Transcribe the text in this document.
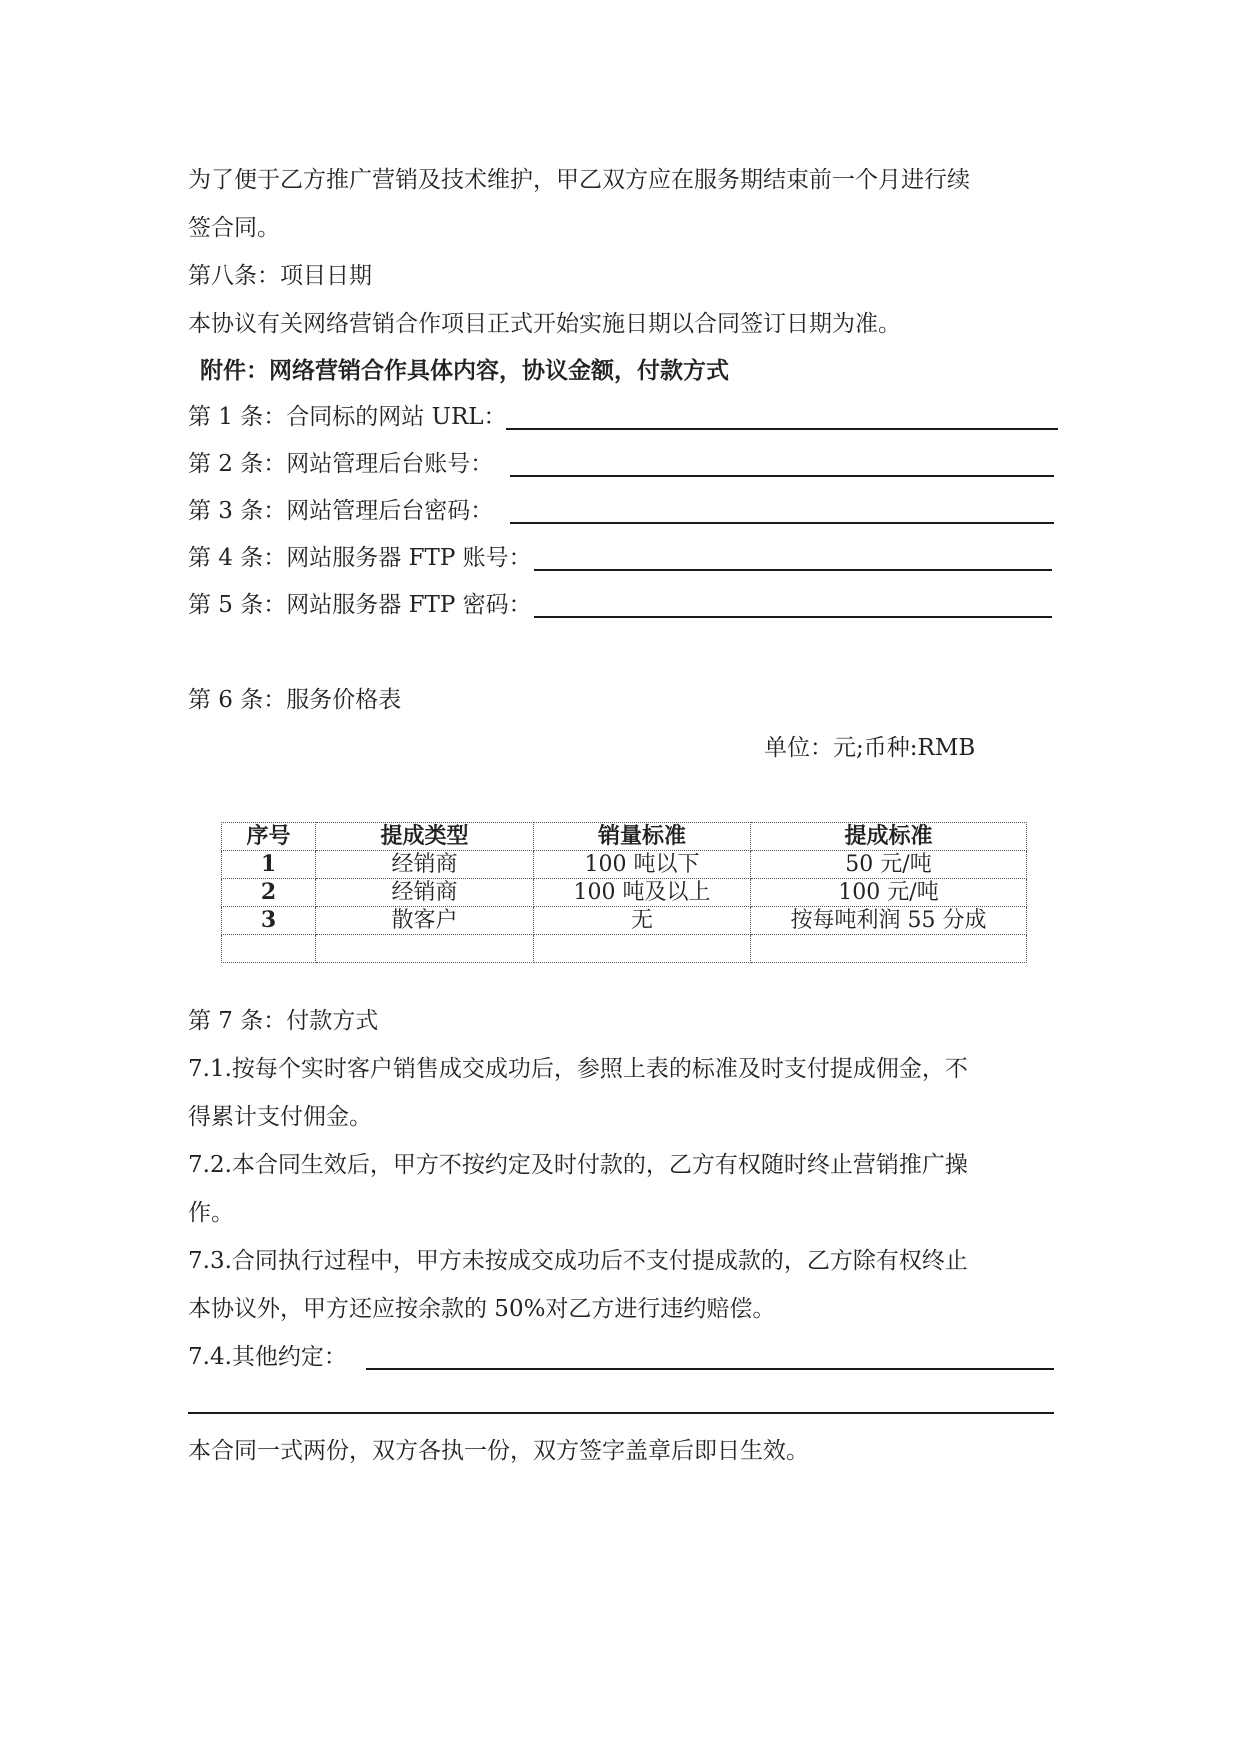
为了便于乙方推广营销及技术维护，甲乙双方应在服务期结束前一个月进行续

签合同。

第八条：项目日期

本协议有关网络营销合作项目正式开始实施日期以合同签订日期为准。

附件：网络营销合作具体内容，协议金额，付款方式

第 1 条：合同标的网站 URL：
第 2 条：网站管理后台账号：
第 3 条：网站管理后台密码：
第 4 条：网站服务器 FTP 账号：
第 5 条：网站服务器 FTP 密码：

第 6 条：服务价格表

单位：元;币种:RMB

序号	提成类型	销量标准	提成标准
1	经销商	100 吨以下	50 元/吨
2	经销商	100 吨及以上	100 元/吨
3	散客户	无	按每吨利润 55 分成

第 7 条：付款方式

7.1.按每个实时客户销售成交成功后，参照上表的标准及时支付提成佣金，不

得累计支付佣金。

7.2.本合同生效后，甲方不按约定及时付款的，乙方有权随时终止营销推广操

作。

7.3.合同执行过程中，甲方未按成交成功后不支付提成款的，乙方除有权终止

本协议外，甲方还应按余款的 50%对乙方进行违约赔偿。

7.4.其他约定：

本合同一式两份，双方各执一份，双方签字盖章后即日生效。
